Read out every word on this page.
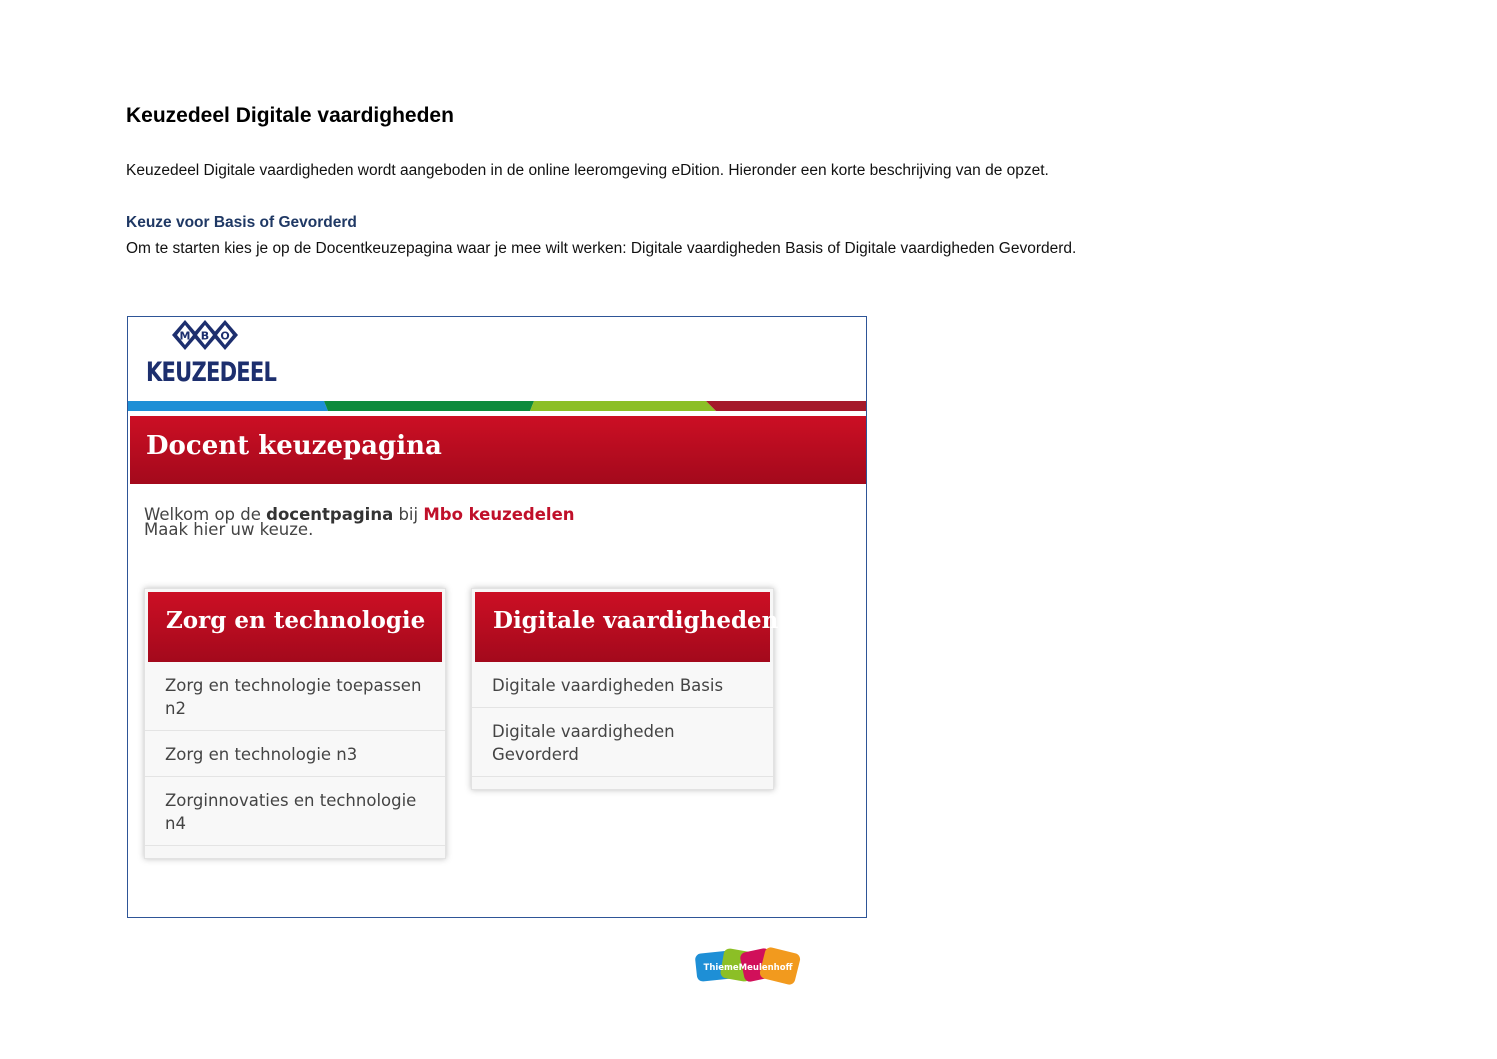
Keuzedeel Digitale vaardigheden

Keuzedeel Digitale vaardigheden wordt aangeboden in de online leeromgeving eDition. Hieronder een korte beschrijving van de opzet.

Keuze voor Basis of Gevorderd

Om te starten kies je op de Docentkeuzepagina waar je mee wilt werken: Digitale vaardigheden Basis of Digitale vaardigheden Gevorderd.

M B O
KEUZEDEEL
Docent keuzepagina
Welkom op de docentpagina bij Mbo keuzedelen
Maak hier uw keuze.
Zorg en technologie
Zorg en technologie toepassen n2
Zorg en technologie n3
Zorginnovaties en technologie n4
Digitale vaardigheden
Digitale vaardigheden Basis
Digitale vaardigheden Gevorderd
ThiemeMeulenhoff
